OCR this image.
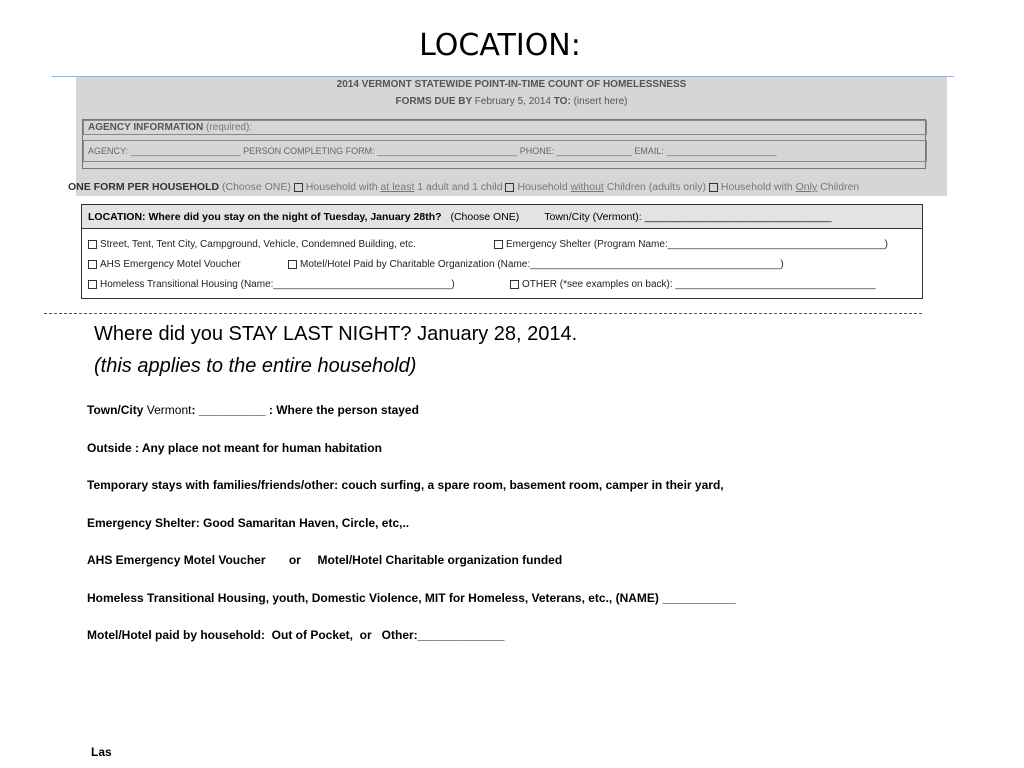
LOCATION:
2014 VERMONT STATEWIDE POINT-IN-TIME COUNT OF HOMELESSNESS
FORMS DUE BY February 5, 2014 TO: (insert here)
AGENCY INFORMATION (required):
AGENCY: ______________________ PERSON COMPLETING FORM: ____________________________ PHONE: _______________ EMAIL: ______________________
ONE FORM PER HOUSEHOLD (Choose ONE) Household with at least 1 adult and 1 child Household without Children (adults only) Household with Only Children
LOCATION: Where did you stay on the night of Tuesday, January 28th? (Choose ONE) Town/City (Vermont): ________________________________
Street, Tent, Tent City, Campground, Vehicle, Condemned Building, etc.	Emergency Shelter (Program Name:_______________________________________)
AHS Emergency Motel Voucher	Motel/Hotel Paid by Charitable Organization (Name:_____________________________________________)
Homeless Transitional Housing (Name:________________________________)	OTHER (*see examples on back): ____________________________________
Where did you STAY LAST NIGHT? January 28, 2014.
(this applies to the entire household)
Town/City Vermont: __________ : Where the person stayed
Outside : Any place not meant for human habitation
Temporary stays with families/friends/other: couch surfing, a spare room, basement room, camper in their yard,
Emergency Shelter: Good Samaritan Haven, Circle, etc,..
AHS Emergency Motel Voucher       or     Motel/Hotel Charitable organization funded
Homeless Transitional Housing, youth, Domestic Violence, MIT for Homeless, Veterans, etc., (NAME) ___________
Motel/Hotel paid by household:  Out of Pocket,  or   Other:_____________
Las
